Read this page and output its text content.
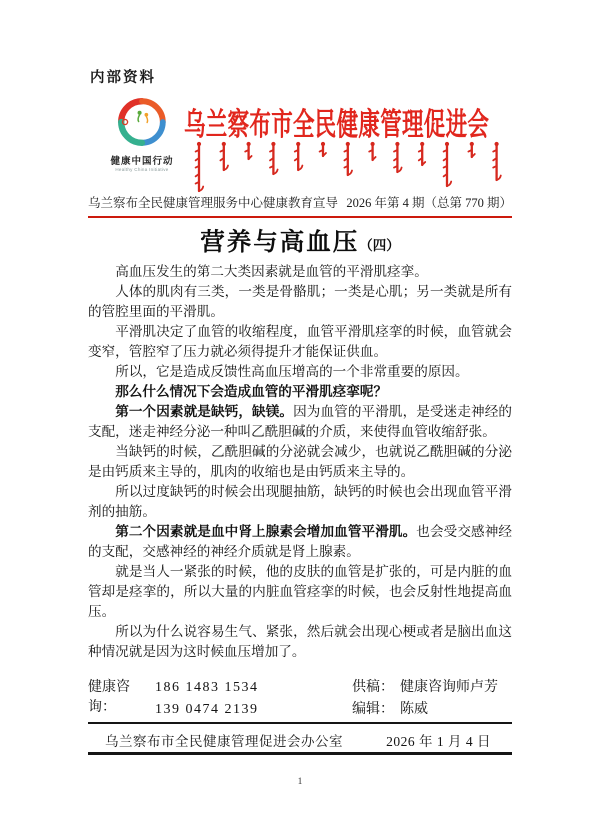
内部资料
健康中国行动
Healthy China Initiative
乌兰察布市全民健康管理促进会
乌兰察布全民健康管理服务中心健康教育宣导 2026 年第 4 期（总第 770 期）
营养与高血压（四）

高血压发生的第二大类因素就是血管的平滑肌痉挛。

人体的肌肉有三类，一类是骨骼肌；一类是心肌；另一类就是所有的管腔里面的平滑肌。

平滑肌决定了血管的收缩程度，血管平滑肌痉挛的时候，血管就会变窄，管腔窄了压力就必须得提升才能保证供血。

所以，它是造成反馈性高血压增高的一个非常重要的原因。

那么什么情况下会造成血管的平滑肌痉挛呢？

第一个因素就是缺钙，缺镁。因为血管的平滑肌，是受迷走神经的支配，迷走神经分泌一种叫乙酰胆碱的介质，来使得血管收缩舒张。

当缺钙的时候，乙酰胆碱的分泌就会减少，也就说乙酰胆碱的分泌是由钙质来主导的，肌肉的收缩也是由钙质来主导的。

所以过度缺钙的时候会出现腿抽筋，缺钙的时候也会出现血管平滑剂的抽筋。

第二个因素就是血中肾上腺素会增加血管平滑肌。也会受交感神经的支配，交感神经的神经介质就是肾上腺素。

就是当人一紧张的时候，他的皮肤的血管是扩张的，可是内脏的血管却是痉挛的，所以大量的内脏血管痉挛的时候，也会反射性地提高血压。

所以为什么说容易生气、紧张，然后就会出现心梗或者是脑出血这种情况就是因为这时候血压增加了。

健康咨询：
186 1483 1534	供稿： 健康咨询师卢芳
139 0474 2139	编辑： 陈威
乌兰察布市全民健康管理促进会办公室	2026 年 1 月 4 日
1
